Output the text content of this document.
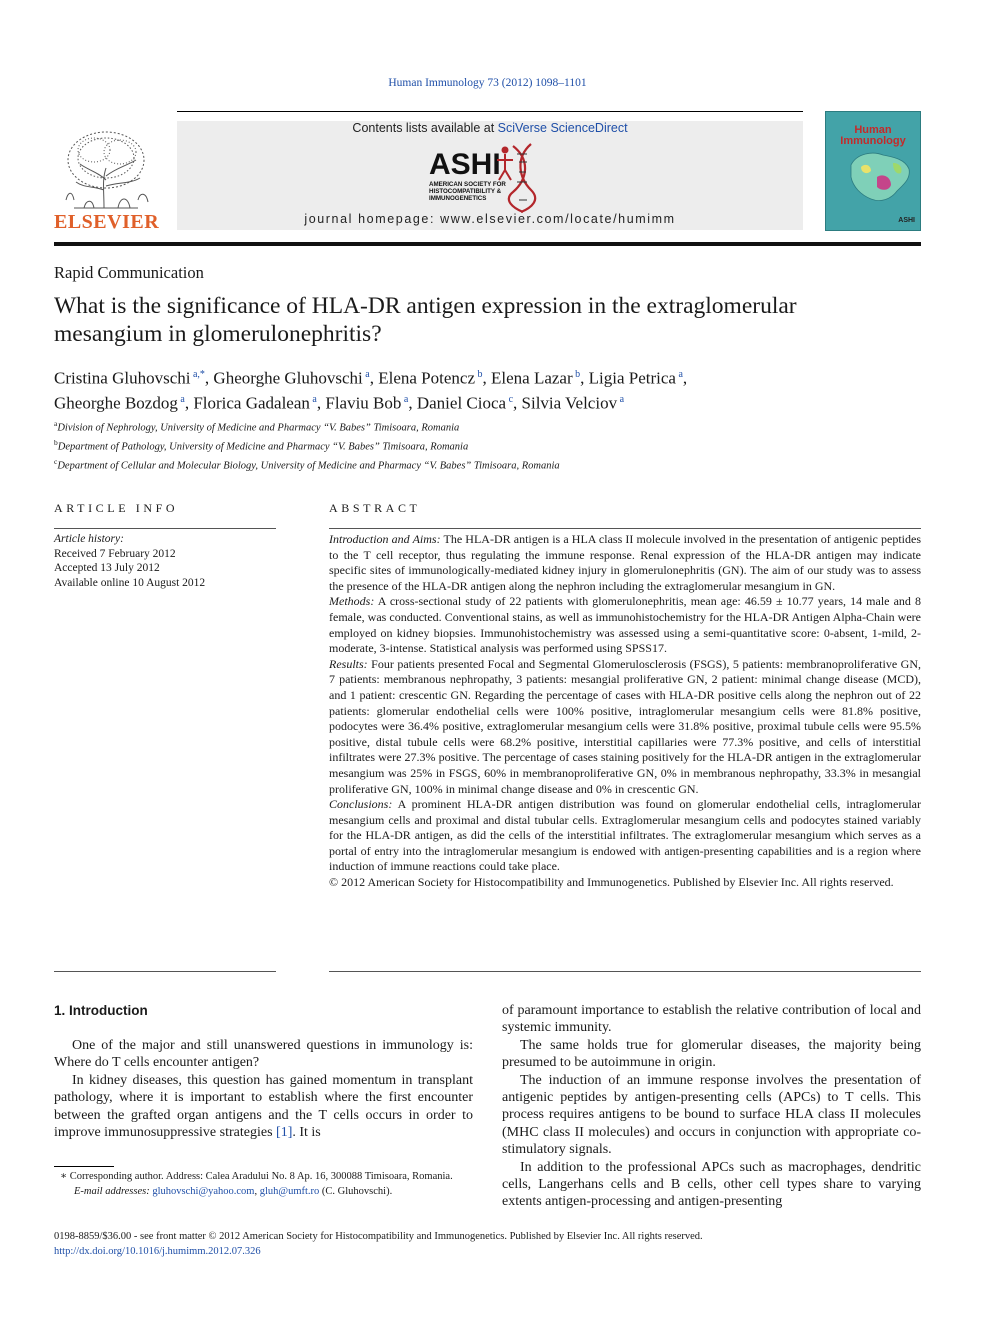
Human Immunology 73 (2012) 1098–1101
ELSEVIER
Contents lists available at SciVerse ScienceDirect
ASHI
AMERICAN SOCIETY FOR
HISTOCOMPATIBILITY &
IMMUNOGENETICS
journal homepage: www.elsevier.com/locate/humimm
Human
Immunology
ASHI
Rapid Communication
What is the significance of HLA-DR antigen expression in the extraglomerular
mesangium in glomerulonephritis?
Cristina Gluhovschi $^{a,*}$, Gheorghe Gluhovschi $^a$, Elena Potencz $^b$, Elena Lazar $^b$, Ligia Petrica $^a$,
Gheorghe Bozdog $^a$, Florica Gadalean $^a$, Flaviu Bob $^a$, Daniel Cioca $^c$, Silvia Velciov $^a$
$^a$Division of Nephrology, University of Medicine and Pharmacy “V. Babes” Timisoara, Romania
$^b$Department of Pathology, University of Medicine and Pharmacy “V. Babes” Timisoara, Romania
$^c$Department of Cellular and Molecular Biology, University of Medicine and Pharmacy “V. Babes” Timisoara, Romania
ARTICLE INFO
Article history:
Received 7 February 2012
Accepted 13 July 2012
Available online 10 August 2012
ABSTRACT

Introduction and Aims: The HLA-DR antigen is a HLA class II molecule involved in the presentation of antigenic peptides to the T cell receptor, thus regulating the immune response. Renal expression of the HLA-DR antigen may indicate specific sites of immunologically-mediated kidney injury in glomerulonephritis (GN). The aim of our study was to assess the presence of the HLA-DR antigen along the nephron including the extraglomerular mesangium in GN.

Methods: A cross-sectional study of 22 patients with glomerulonephritis, mean age: 46.59 ± 10.77 years, 14 male and 8 female, was conducted. Conventional stains, as well as immunohistochemistry for the HLA-DR Antigen Alpha-Chain were employed on kidney biopsies. Immunohistochemistry was assessed using a semi-quantitative score: 0-absent, 1-mild, 2-moderate, 3-intense. Statistical analysis was performed using SPSS17.

Results: Four patients presented Focal and Segmental Glomerulosclerosis (FSGS), 5 patients: membranoproliferative GN, 7 patients: membranous nephropathy, 3 patients: mesangial proliferative GN, 2 patient: minimal change disease (MCD), and 1 patient: crescentic GN. Regarding the percentage of cases with HLA-DR positive cells along the nephron out of 22 patients: glomerular endothelial cells were 100% positive, intraglomerular mesangium cells were 81.8% positive, podocytes were 36.4% positive, extraglomerular mesangium cells were 31.8% positive, proximal tubule cells were 95.5% positive, distal tubule cells were 68.2% positive, interstitial capillaries were 77.3% positive, and cells of interstitial infiltrates were 27.3% positive. The percentage of cases staining positively for the HLA-DR antigen in the extraglomerular mesangium was 25% in FSGS, 60% in membranoproliferative GN, 0% in membranous nephropathy, 33.3% in mesangial proliferative GN, 100% in minimal change disease and 0% in crescentic GN.

Conclusions: A prominent HLA-DR antigen distribution was found on glomerular endothelial cells, intraglomerular mesangium cells and proximal and distal tubular cells. Extraglomerular mesangium cells and podocytes stained variably for the HLA-DR antigen, as did the cells of the interstitial infiltrates. The extraglomerular mesangium which serves as a portal of entry into the intraglomerular mesangium is endowed with antigen-presenting capabilities and is a region where induction of immune reactions could take place.

© 2012 American Society for Histocompatibility and Immunogenetics. Published by Elsevier Inc. All rights reserved.

1. Introduction

One of the major and still unanswered questions in immunology is: Where do T cells encounter antigen?

In kidney diseases, this question has gained momentum in transplant pathology, where it is important to establish where the first encounter between the grafted organ antigens and the T cells occurs in order to improve immunosuppressive strategies [1]. It is

of paramount importance to establish the relative contribution of local and systemic immunity.

The same holds true for glomerular diseases, the majority being presumed to be autoimmune in origin.

The induction of an immune response involves the presentation of antigenic peptides by antigen-presenting cells (APCs) to T cells. This process requires antigens to be bound to surface HLA class II molecules (MHC class II molecules) and occurs in conjunction with appropriate co-stimulatory signals.

In addition to the professional APCs such as macrophages, dendritic cells, Langerhans cells and B cells, other cell types share to varying extents antigen-processing and antigen-presenting

∗ Corresponding author. Address: Calea Aradului No. 8 Ap. 16, 300088 Timisoara, Romania.
E-mail addresses: gluhovschi@yahoo.com, gluh@umft.ro (C. Gluhovschi).
0198-8859/$36.00 - see front matter © 2012 American Society for Histocompatibility and Immunogenetics. Published by Elsevier Inc. All rights reserved.
http://dx.doi.org/10.1016/j.humimm.2012.07.326
